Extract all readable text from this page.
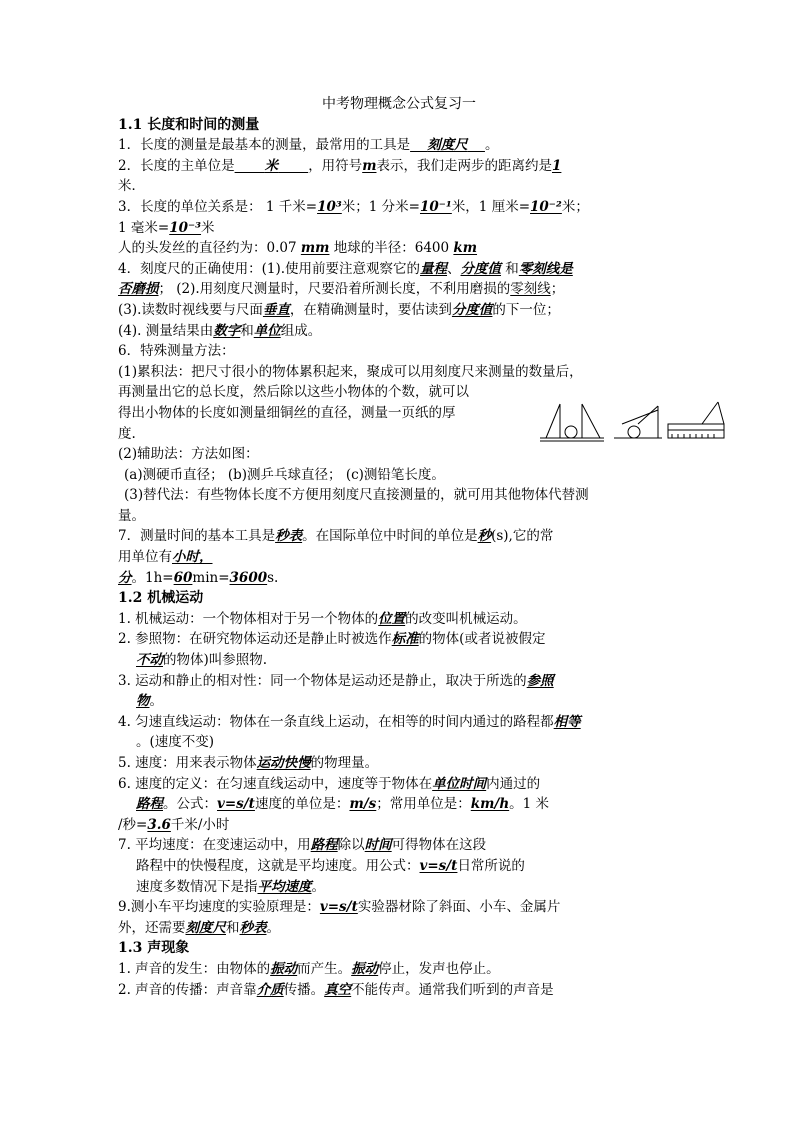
中考物理概念公式复习一
1.1 长度和时间的测量
1．长度的测量是最基本的测量，最常用的工具是 刻度尺 。
2．长度的主单位是 米 ，用符号m表示，我们走两步的距离约是1
米．
3．长度的单位关系是： 1 千米=10³米；1 分米=10⁻¹米，1 厘米=10⁻²米；
1 毫米=10⁻³米
人的头发丝的直径约为：0.07 mm 地球的半径：6400 km
4．刻度尺的正确使用：(1).使用前要注意观察它的量程、分度值 和零刻线是
否磨损； (2).用刻度尺测量时，尺要沿着所测长度，不利用磨损的零刻线；
(3).读数时视线要与尺面垂直，在精确测量时，要估读到分度值的下一位；
(4). 测量结果由数字和单位组成。
6．特殊测量方法：
(1)累积法：把尺寸很小的物体累积起来，聚成可以用刻度尺来测量的数量后，
再测量出它的总长度，然后除以这些小物体的个数，就可以
得出小物体的长度如测量细铜丝的直径，测量一页纸的厚
度.
(2)辅助法：方法如图：
(a)测硬币直径； (b)测乒乓球直径； (c)测铅笔长度。
(3)替代法：有些物体长度不方便用刻度尺直接测量的，就可用其他物体代替测
量。
7．测量时间的基本工具是秒表。在国际单位中时间的单位是秒(s),它的常
用单位有小时，
分。1h=60min=3600s.
1.2 机械运动
1. 机械运动：一个物体相对于另一个物体的位置的改变叫机械运动。
2. 参照物：在研究物体运动还是静止时被选作标准的物体(或者说被假定
不动的物体)叫参照物.
3. 运动和静止的相对性：同一个物体是运动还是静止，取决于所选的参照
物。
4. 匀速直线运动：物体在一条直线上运动，在相等的时间内通过的路程都相等
。(速度不变)
5. 速度：用来表示物体运动快慢的物理量。
6. 速度的定义：在匀速直线运动中，速度等于物体在单位时间内通过的
路程。公式：v=s/t速度的单位是：m/s；常用单位是：km/h。1 米
/秒=3.6千米/小时
7. 平均速度：在变速运动中，用路程除以时间可得物体在这段
路程中的快慢程度，这就是平均速度。用公式：v=s/t日常所说的
速度多数情况下是指平均速度。
9.测小车平均速度的实验原理是：v=s/t实验器材除了斜面、小车、金属片
外，还需要刻度尺和秒表。
1.3 声现象
1. 声音的发生：由物体的振动而产生。振动停止，发声也停止。
2. 声音的传播：声音靠介质传播。真空不能传声。通常我们听到的声音是
